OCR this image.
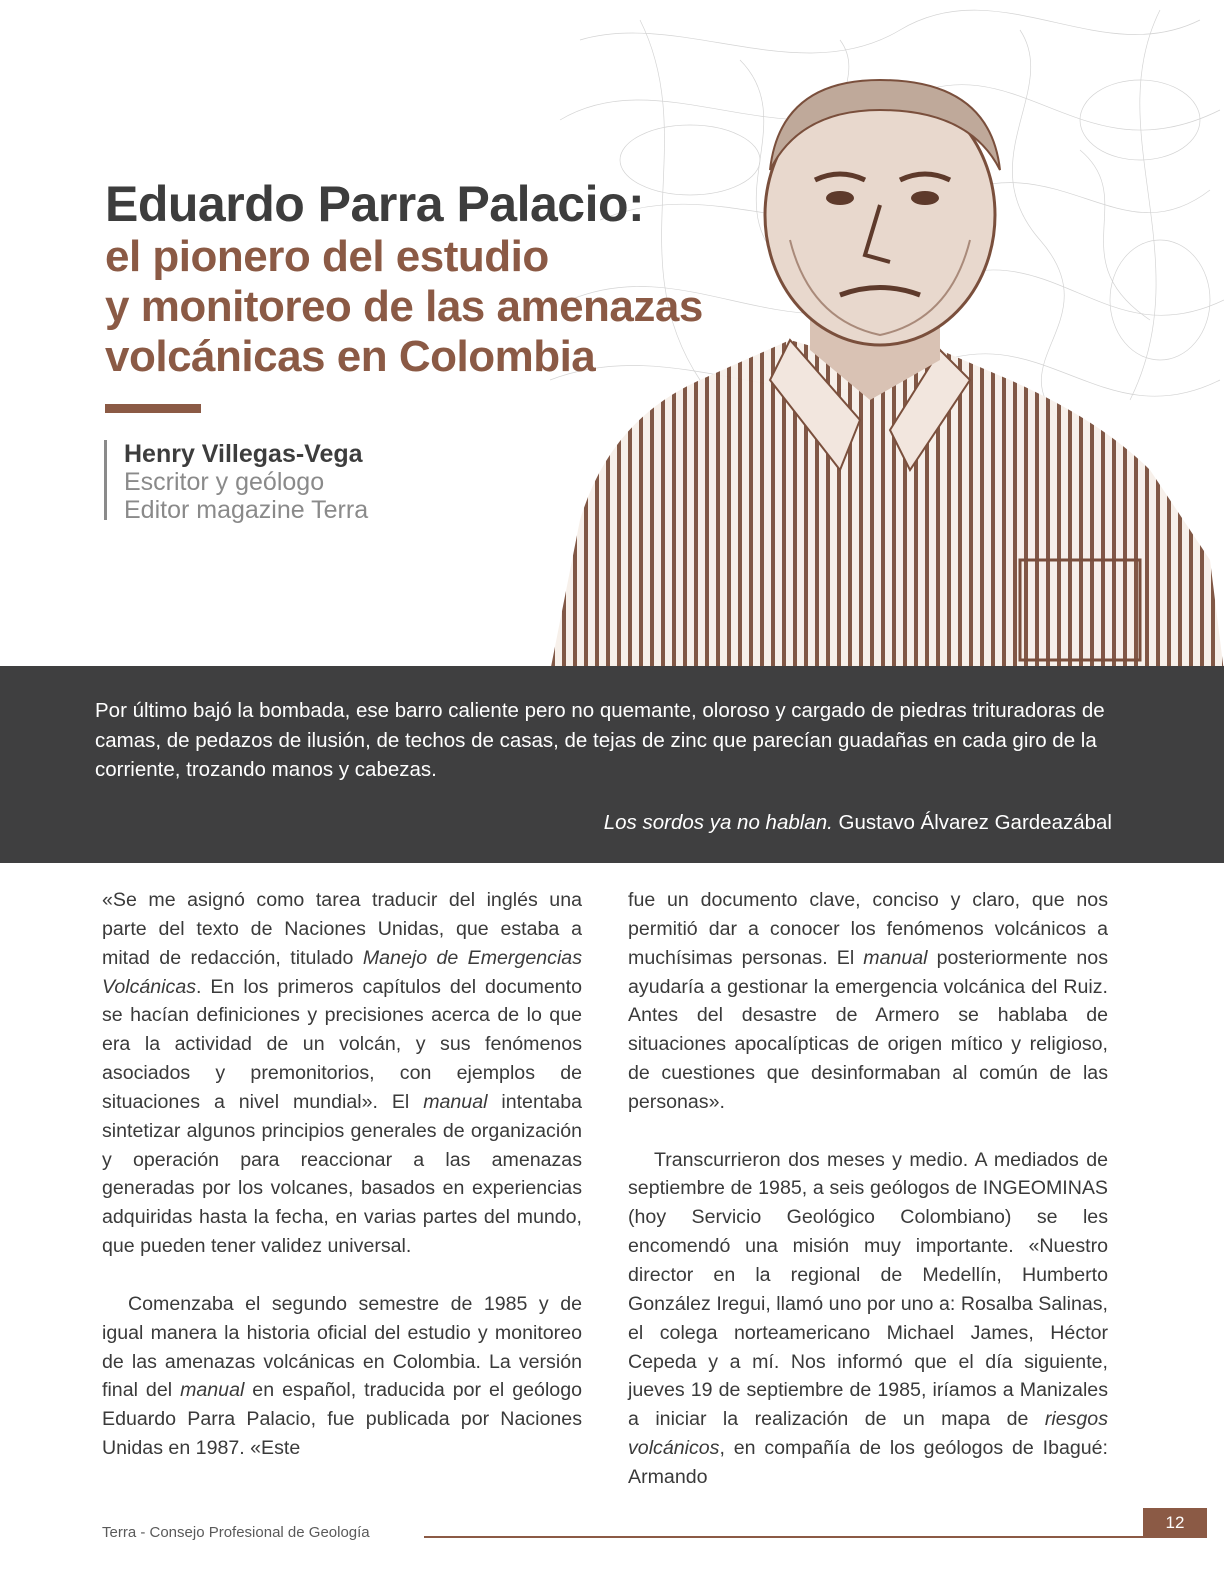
Eduardo Parra Palacio:
el pionero del estudio
y monitoreo de las amenazas
volcánicas en Colombia
Henry Villegas-Vega
Escritor y geólogo
Editor magazine Terra

Por último bajó la bombada, ese barro caliente pero no quemante, oloroso y cargado de piedras trituradoras de camas, de pedazos de ilusión, de techos de casas, de tejas de zinc que parecían guadañas en cada giro de la corriente, trozando manos y cabezas.

Los sordos ya no hablan. Gustavo Álvarez Gardeazábal

«Se me asignó como tarea traducir del inglés una parte del texto de Naciones Unidas, que estaba a mitad de redacción, titulado Manejo de Emergencias Volcánicas. En los primeros capítulos del documento se hacían definiciones y precisiones acerca de lo que era la actividad de un volcán, y sus fenómenos asociados y premonitorios, con ejemplos de situaciones a nivel mundial». El manual intentaba sintetizar algunos principios generales de organización y operación para reaccionar a las amenazas generadas por los volcanes, basados en experiencias adquiridas hasta la fecha, en varias partes del mundo, que pueden tener validez universal.

Comenzaba el segundo semestre de 1985 y de igual manera la historia oficial del estudio y monitoreo de las amenazas volcánicas en Colombia. La versión final del manual en español, traducida por el geólogo Eduardo Parra Palacio, fue publicada por Naciones Unidas en 1987. «Este

fue un documento clave, conciso y claro, que nos permitió dar a conocer los fenómenos volcánicos a muchísimas personas. El manual posteriormente nos ayudaría a gestionar la emergencia volcánica del Ruiz. Antes del desastre de Armero se hablaba de situaciones apocalípticas de origen mítico y religioso, de cuestiones que desinformaban al común de las personas».

Transcurrieron dos meses y medio. A mediados de septiembre de 1985, a seis geólogos de INGEOMINAS (hoy Servicio Geológico Colombiano) se les encomendó una misión muy importante. «Nuestro director en la regional de Medellín, Humberto González Iregui, llamó uno por uno a: Rosalba Salinas, el colega norteamericano Michael James, Héctor Cepeda y a mí. Nos informó que el día siguiente, jueves 19 de septiembre de 1985, iríamos a Manizales a iniciar la realización de un mapa de riesgos volcánicos, en compañía de los geólogos de Ibagué: Armando

Terra - Consejo Profesional de Geología
12
